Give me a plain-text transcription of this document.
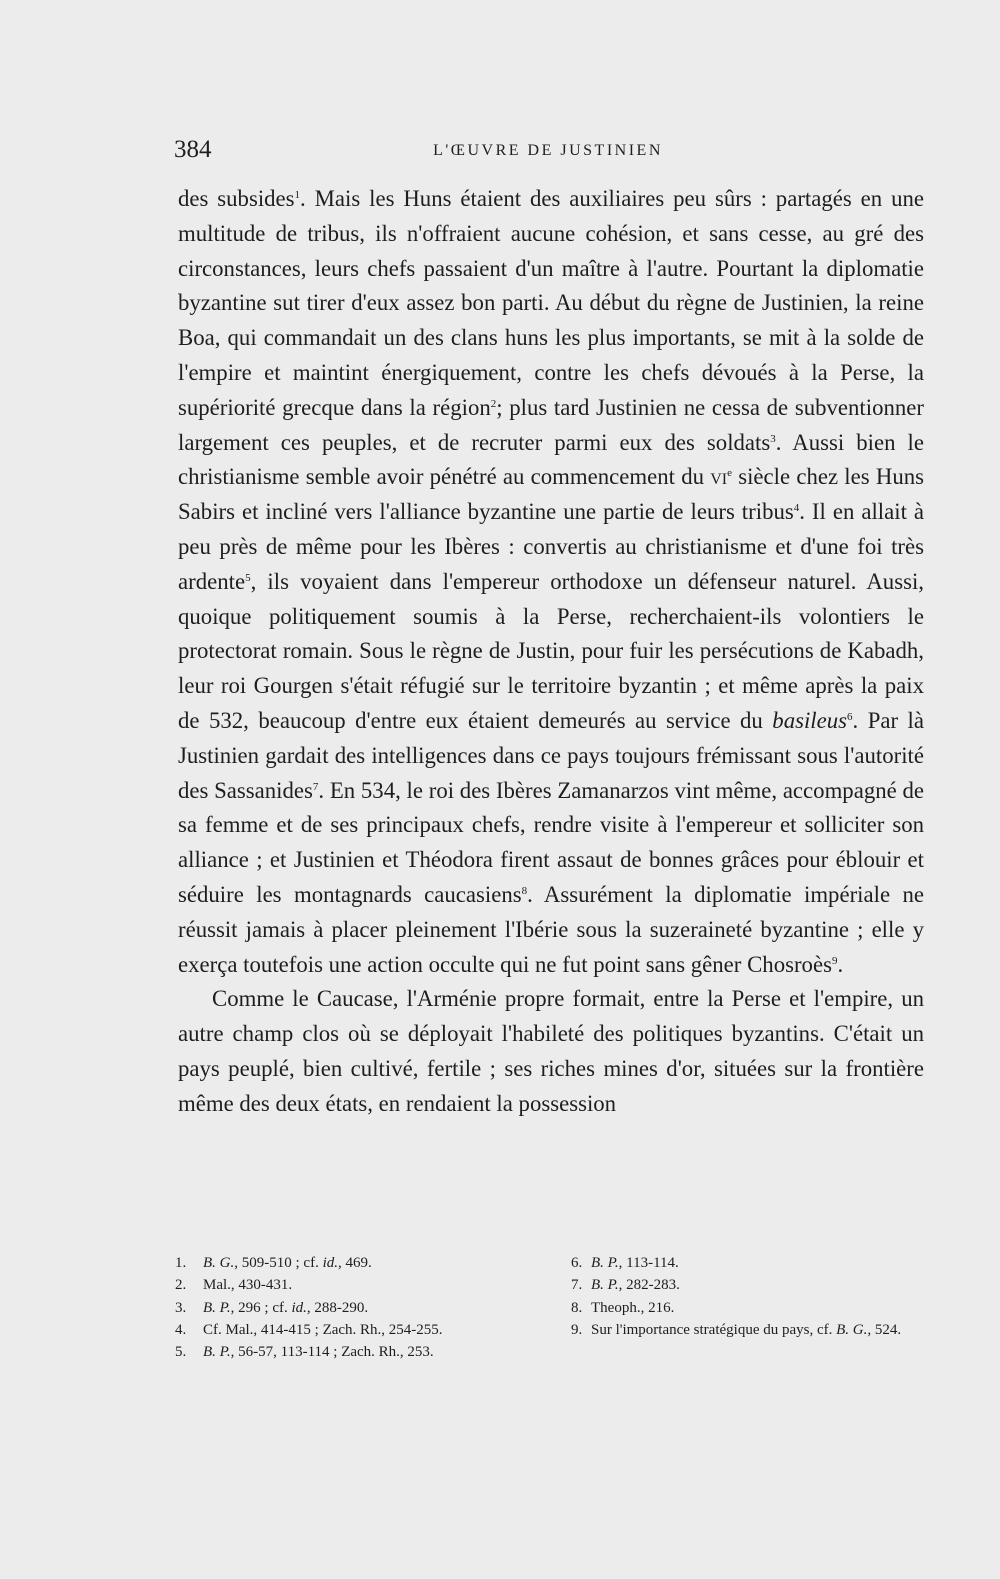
384	L'ŒUVRE DE JUSTINIEN

des subsides$^1$. Mais les Huns étaient des auxiliaires peu sûrs : partagés en une multitude de tribus, ils n'offraient aucune cohésion, et sans cesse, au gré des circonstances, leurs chefs passaient d'un maître à l'autre. Pourtant la diplomatie byzantine sut tirer d'eux assez bon parti. Au début du règne de Justinien, la reine Boa, qui commandait un des clans huns les plus importants, se mit à la solde de l'empire et maintint énergiquement, contre les chefs dévoués à la Perse, la supériorité grecque dans la région$^2$; plus tard Justinien ne cessa de subventionner largement ces peuples, et de recruter parmi eux des soldats$^3$. Aussi bien le christianisme semble avoir pénétré au commencement du $vi^e$ siècle chez les Huns Sabirs et incliné vers l'alliance byzantine une partie de leurs tribus$^4$. Il en allait à peu près de même pour les Ibères : convertis au christianisme et d'une foi très ardente$^5$, ils voyaient dans l'empereur orthodoxe un défenseur naturel. Aussi, quoique politiquement soumis à la Perse, recherchaient-ils volontiers le protectorat romain. Sous le règne de Justin, pour fuir les persécutions de Kabadh, leur roi Gourgen s'était réfugié sur le territoire byzantin ; et même après la paix de 532, beaucoup d'entre eux étaient demeurés au service du basileus$^6$. Par là Justinien gardait des intelligences dans ce pays toujours frémissant sous l'autorité des Sassanides$^7$. En 534, le roi des Ibères Zamanarzos vint même, accompagné de sa femme et de ses principaux chefs, rendre visite à l'empereur et solliciter son alliance ; et Justinien et Théodora firent assaut de bonnes grâces pour éblouir et séduire les montagnards caucasiens$^8$. Assurément la diplomatie impériale ne réussit jamais à placer pleinement l'Ibérie sous la suzeraineté byzantine ; elle y exerça toutefois une action occulte qui ne fut point sans gêner Chosroès$^9$.

Comme le Caucase, l'Arménie propre formait, entre la Perse et l'empire, un autre champ clos où se déployait l'habileté des politiques byzantins. C'était un pays peuplé, bien cultivé, fertile ; ses riches mines d'or, situées sur la frontière même des deux états, en rendaient la possession

1. B. G., 509-510 ; cf. id., 469.
2. Mal., 430-431.
3. B. P., 296 ; cf. id., 288-290.
4. Cf. Mal., 414-415 ; Zach. Rh., 254-255.
5. B. P., 56-57, 113-114 ; Zach. Rh., 253.
6. B. P., 113-114.
7. B. P., 282-283.
8. Theoph., 216.
9. Sur l'importance stratégique du pays, cf. B. G., 524.
